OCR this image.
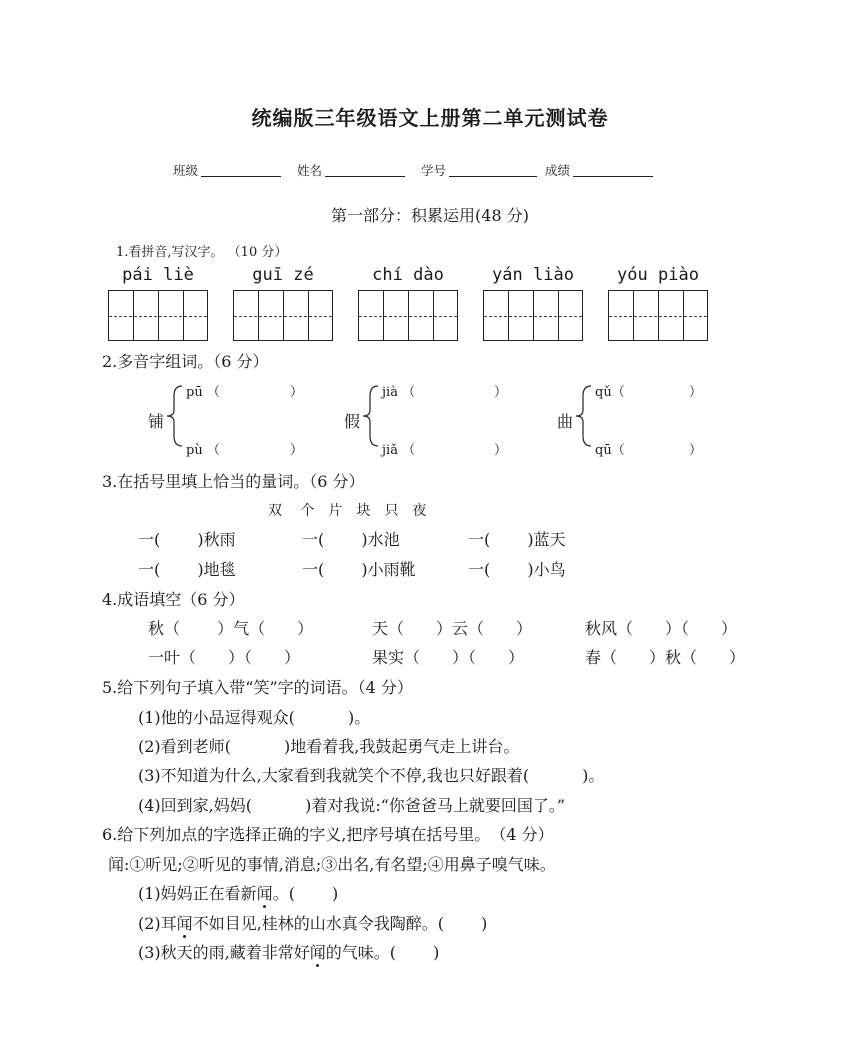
统编版三年级语文上册第二单元测试卷
班级	姓名	学号	成绩
第一部分：积累运用(48 分)
1.看拼音,写汉字。 （10 分）
pái liè	guī zé	chí dào	yán liào	yóu piào
2.多音字组词。（6 分）
铺
pū （	）
pù （	）
假
jià （	）
jiǎ （	）
曲
qǔ（	）
qū（	）
3.在括号里填上恰当的量词。（6 分）
双　 个　片　块　只　夜
一(　　 )秋雨	一(　　 )水池	一(　　 )蓝天
一(　　 )地毯	一(　　 )小雨靴	一(　　 )小鸟
4.成语填空（6 分）
秋（　　 ）气（　　）	天（　　）云（　　）	秋风（　　）（　　）
一叶（　　）（　　）	果实（　　）（　　）	春（　　）秋（　　）
5.给下列句子填入带“笑”字的词语。（4 分）
(1)他的小品逗得观众(　　　 )。
(2)看到老师(　　　 )地看着我,我鼓起勇气走上讲台。
(3)不知道为什么,大家看到我就笑个不停,我也只好跟着(　　　 )。
(4)回到家,妈妈(　　　 )着对我说:“你爸爸马上就要回国了。”
6.给下列加点的字选择正确的字义,把序号填在括号里。　（4 分）
闻:①听见;②听见的事情,消息;③出名,有名望;④用鼻子嗅气味。
(1)妈妈正在看新闻。(　　 )
(2)耳闻不如目见,桂林的山水真令我陶醉。(　　 )
(3)秋天的雨,藏着非常好闻的气味。(　　 )
